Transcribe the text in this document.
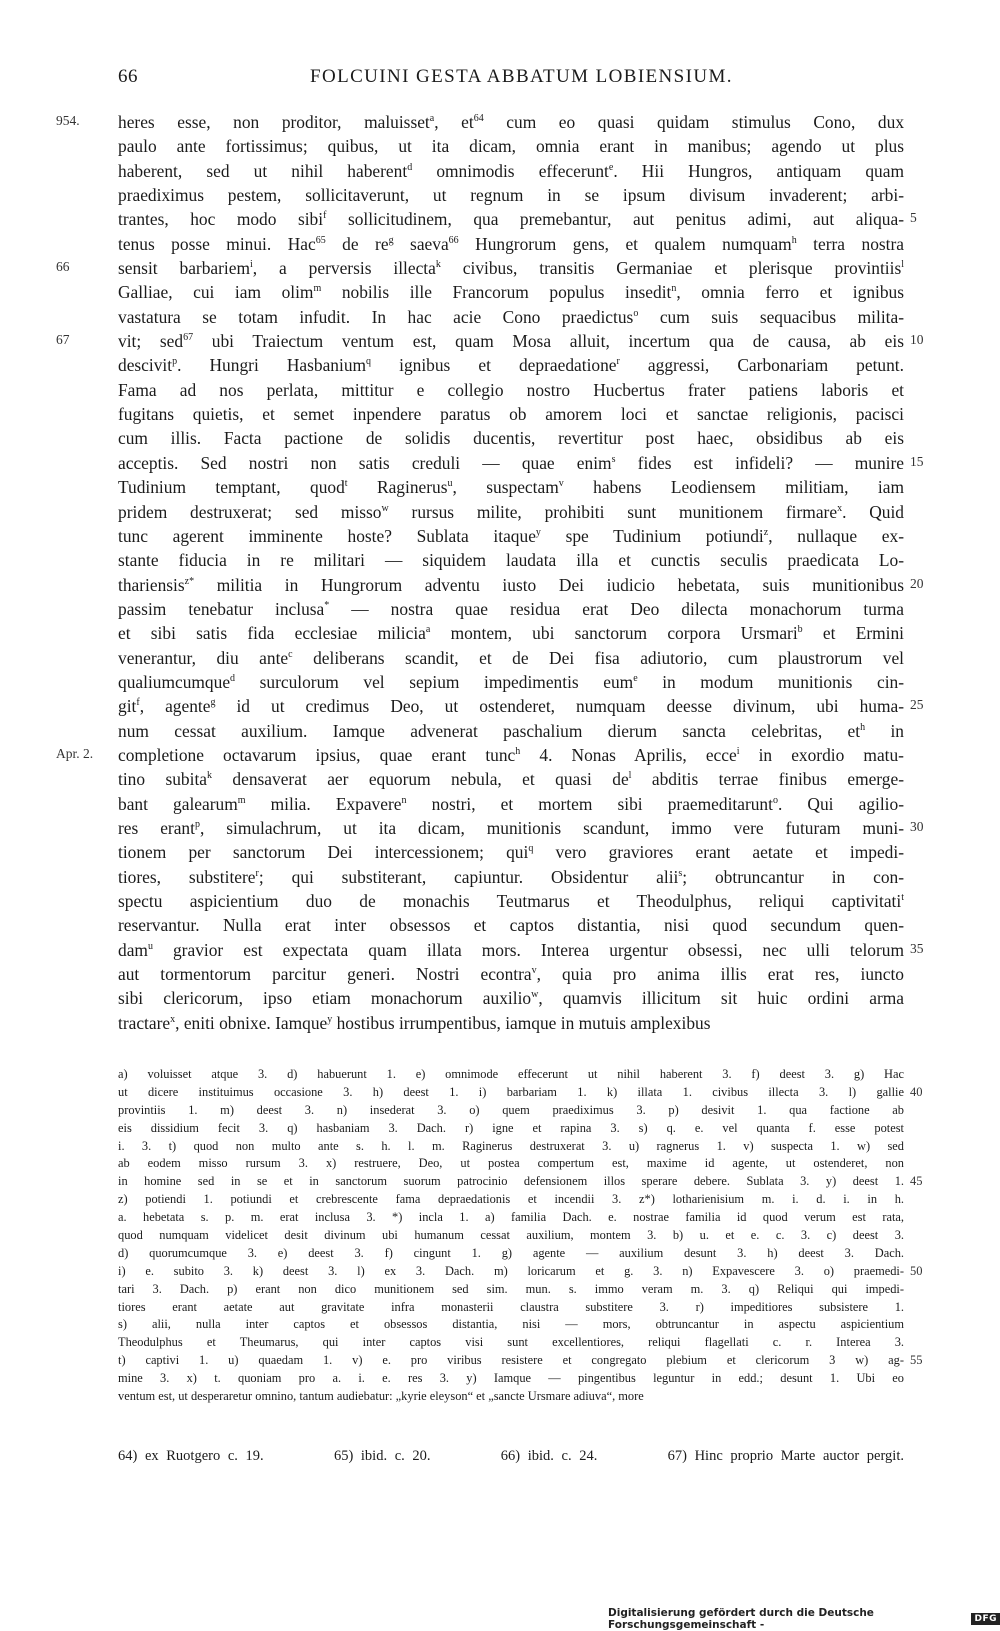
66	FOLCUINI GESTA ABBATUM LOBIENSIUM.
954.
66
67
Apr. 2.
5
10
15
20
25
30
35
heres esse, non proditor, maluisset$^a$, $et^{64}$ cum eo quasi quidam stimulus Cono, dux
paulo ante fortissimus; quibus, ut ita dicam, omnia erant in manibus; agendo ut plus
haberent, sed ut nihil haberent$^d$ omnimodis effecerunt$^e$. Hii Hungros, antiquam quam
praediximus pestem, sollicitaverunt, ut regnum in se ipsum divisum invaderent; arbi-
trantes, hoc modo sibi$^f$ sollicitudinem, qua premebantur, aut penitus adimi, aut aliqua-
tenus posse minui. Hac$^{65}$ de $re^g$ saeva$^{66}$ Hungrorum gens, et qualem numquam$^h$ terra nostra
sensit barbariem$^i$, a perversis illecta$^k$ civibus, transitis Germaniae et plerisque provintiis$^l$
Galliae, cui iam olim$^m$ nobilis ille Francorum populus insedit$^n$, omnia ferro et ignibus
vastatura se totam infudit. In hac acie Cono praedictus$^o$ cum suis sequacibus milita-
vit; sed$^{67}$ ubi Traiectum ventum est, quam Mosa alluit, incertum qua de causa, ab eis
descivit$^p$. Hungri Hasbanium$^q$ ignibus et depraedatione$^r$ aggressi, Carbonariam petunt.
Fama ad nos perlata, mittitur e collegio nostro Hucbertus frater patiens laboris et
fugitans quietis, et semet inpendere paratus ob amorem loci et sanctae religionis, pacisci
cum illis. Facta pactione de solidis ducentis, revertitur post haec, obsidibus ab eis
acceptis. Sed nostri non satis creduli — quae enim$^s$ fides est infideli? — munire
Tudinium temptant, quod$^t$ Raginerus$^u$, suspectam$^v$ habens Leodiensem militiam, iam
pridem destruxerat; sed misso$^w$ rursus milite, prohibiti sunt munitionem firmare$^x$. Quid
tunc agerent imminente hoste? Sublata itaque$^y$ spe Tudinium potiundi$^z$, nullaque ex-
stante fiducia in re militari — siquidem laudata illa et cunctis seculis praedicata Lo-
thariensis$^{z*}$ militia in Hungrorum adventu iusto Dei iudicio hebetata, suis munitionibus
passim tenebatur inclusa* — nostra quae residua erat Deo dilecta monachorum turma
et sibi satis fida ecclesiae milicia$^a$ montem, ubi sanctorum corpora Ursmari$^b$ et Ermini
venerantur, diu ante$^c$ deliberans scandit, et de Dei fisa adiutorio, cum plaustrorum vel
qualiumcumque$^d$ surculorum vel sepium impedimentis eum$^e$ in modum munitionis cin-
git$^f$, agente$^g$ id ut credimus Deo, ut ostenderet, numquam deesse divinum, ubi huma-
num cessat auxilium. Iamque advenerat paschalium dierum sancta celebritas, $et^h$ in
completione octavarum ipsius, quae erant tunc$^h$ 4. Nonas Aprilis, ecce$^i$ in exordio matu-
tino subita$^k$ densaverat aer equorum nebula, et quasi $de^l$ abditis terrae finibus emerge-
bant galearum$^m$ milia. Expavere$^n$ nostri, et mortem sibi praemeditarunt$^o$. Qui agilio-
res erant$^p$, simulachrum, ut ita dicam, munitionis scandunt, immo vere futuram muni-
tionem per sanctorum Dei intercessionem; qui$^q$ vero graviores erant aetate et impedi-
tiores, substitere$^r$; qui substiterant, capiuntur. Obsidentur alii$^s$; obtruncantur in con-
spectu aspicientium duo de monachis Teutmarus et Theodulphus, reliqui captivitati$^t$
reservantur. Nulla erat inter obsessos et captos distantia, nisi quod secundum quen-
dam$^u$ gravior est expectata quam illata mors. Interea urgentur obsessi, nec ulli telorum
aut tormentorum parcitur generi. Nostri econtra$^v$, quia pro anima illis erat res, iuncto
sibi clericorum, ipso etiam monachorum auxilio$^w$, quamvis illicitum sit huic ordini arma
tractare$^x$, eniti obnixe. Iamque$^y$ hostibus irrumpentibus, iamque in mutuis amplexibus
a) voluisset atque 3. d) habuerunt 1. e) omnimode effecerunt ut nihil haberent 3. f) deest 3. g) Hac
ut dicere instituimus occasione 3. h) deest 1. i) barbariam 1. k) illata 1. civibus illecta 3. l) gallie
provintiis 1. m) deest 3. n) insederat 3. o) quem praediximus 3. p) desivit 1. qua factione ab
eis dissidium fecit 3. q) hasbaniam 3. Dach. r) igne et rapina 3. s) q. e. vel quanta f. esse potest
i. 3. t) quod non multo ante s. h. l. m. Raginerus destruxerat 3. u) ragnerus 1. v) suspecta 1. w) sed
ab eodem misso rursum 3. x) restruere, Deo, ut postea compertum est, maxime id agente, ut ostenderet, non
in homine sed in se et in sanctorum suorum patrocinio defensionem illos sperare debere. Sublata 3. y) deest 1.
z) potiendi 1. potiundi et crebrescente fama depraedationis et incendii 3. z*) lotharienisium m. i. d. i. in h.
a. hebetata s. p. m. erat inclusa 3. *) incla 1. a) familia Dach. e. nostrae familia id quod verum est rata,
quod numquam videlicet desit divinum ubi humanum cessat auxilium, montem 3. b) u. et e. c. 3. c) deest 3.
d) quorumcumque 3. e) deest 3. f) cingunt 1. g) agente — auxilium desunt 3. h) deest 3. Dach.
i) e. subito 3. k) deest 3. l) ex 3. Dach. m) loricarum et g. 3. n) Expavescere 3. o) praemedi-
tari 3. Dach. p) erant non dico munitionem sed sim. mun. s. immo veram m. 3. q) Reliqui qui impedi-
tiores erant aetate aut gravitate infra monasterii claustra substitere 3. r) impeditiores subsistere 1.
s) alii, nulla inter captos et obsessos distantia, nisi — mors, obtruncantur in aspectu aspicientium
Theodulphus et Theumarus, qui inter captos visi sunt excellentiores, reliqui flagellati c. r. Interea 3.
t) captivi 1. u) quaedam 1. v) e. pro viribus resistere et congregato plebium et clericorum 3 w) ag-
mine 3. x) t. quoniam pro a. i. e. res 3. y) Iamque — pingentibus leguntur in edd.; desunt 1. Ubi eo
ventum est, ut desperaretur omnino, tantum audiebatur: „kyrie eleyson“ et „sancte Ursmare adiuva“, more
40
45
50
55
64) ex Ruotgero c. 19.	65) ibid. c. 20.	66) ibid. c. 24.	67) Hinc proprio Marte auctor pergit.
Digitalisierung gefördert durch die Deutsche Forschungsgemeinschaft -	DFG
